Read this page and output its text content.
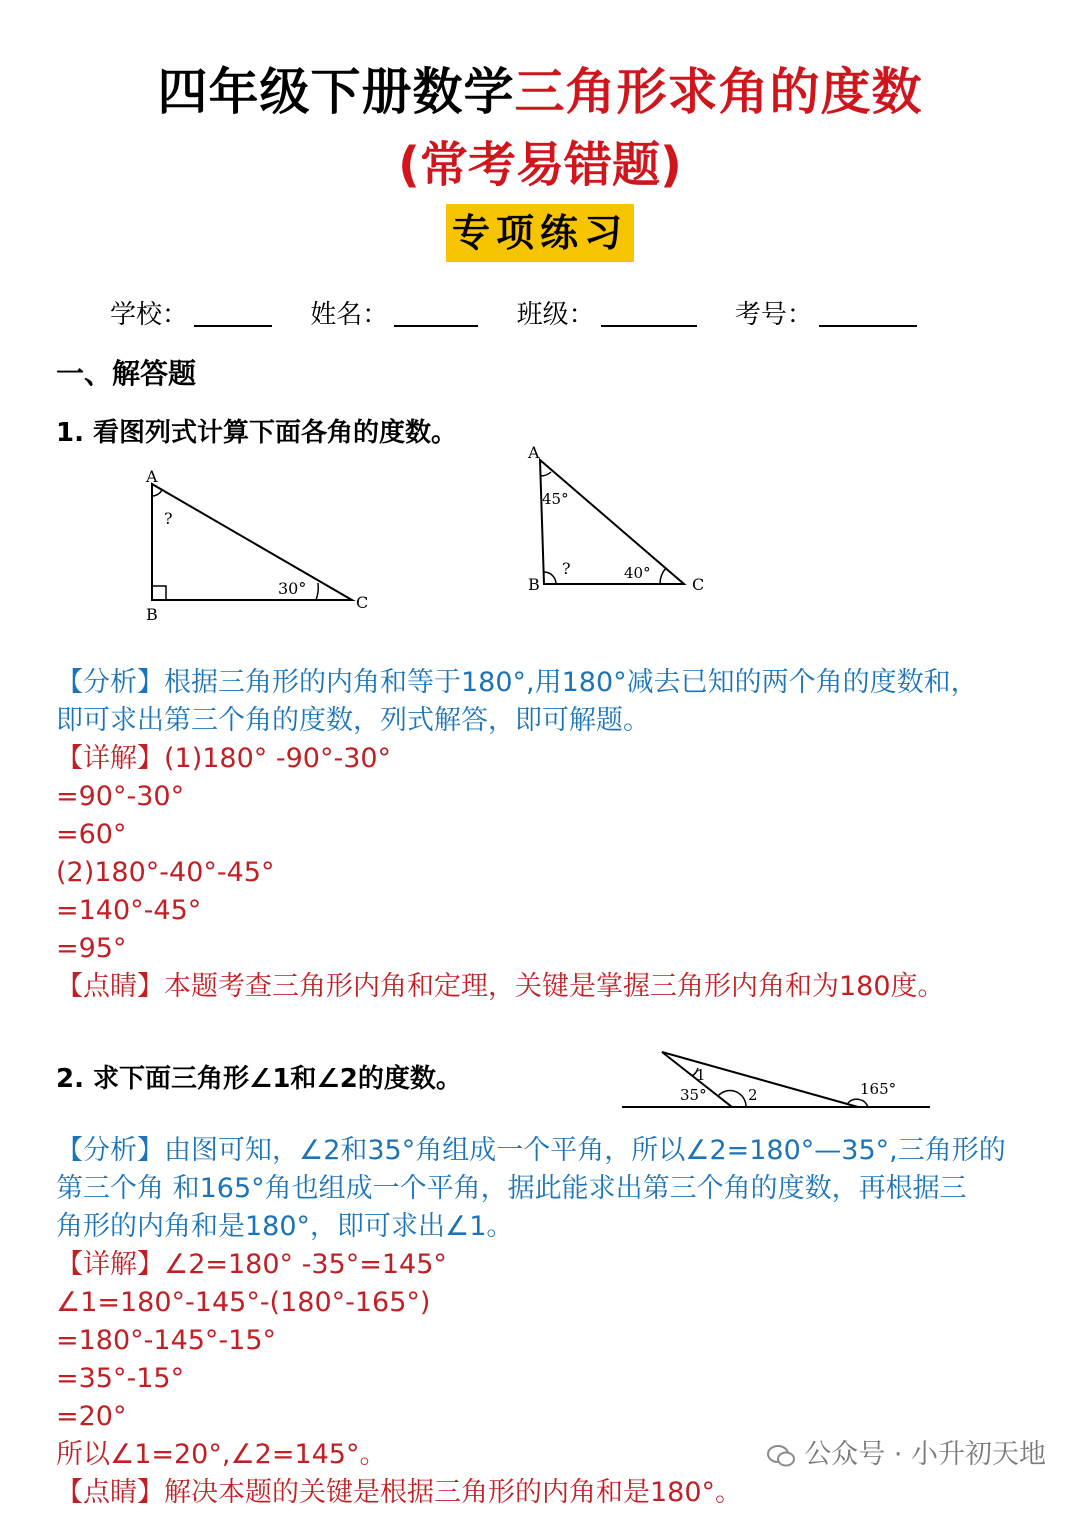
四年级下册数学三角形求角的度数
(常考易错题)
专项练习
学校：	姓名：	班级：	考号：
一、解答题
1. 看图列式计算下面各角的度数。
A
B
C
?
30°
A
B	C
45°
?	40°
【分析】根据三角形的内角和等于180°,用180°减去已知的两个角的度数和，
即可求出第三个角的度数，列式解答，即可解题。
【详解】(1)180° -90°-30°
=90°-30°
=60°
(2)180°-40°-45°
=140°-45°
=95°
【点睛】本题考查三角形内角和定理，关键是掌握三角形内角和为180度。
2. 求下面三角形∠1和∠2的度数。	1
35°	2	165°
【分析】由图可知，∠2和35°角组成一个平角，所以∠2=180°—35°,三角形的
第三个角 和165°角也组成一个平角，据此能求出第三个角的度数，再根据三
角形的内角和是180°，即可求出∠1。
【详解】∠2=180° -35°=145°
∠1=180°-145°-(180°-165°)
=180°-145°-15°
=35°-15°
=20°
所以∠1=20°,∠2=145°。
【点睛】解决本题的关键是根据三角形的内角和是180°。
公众号 · 小升初天地
